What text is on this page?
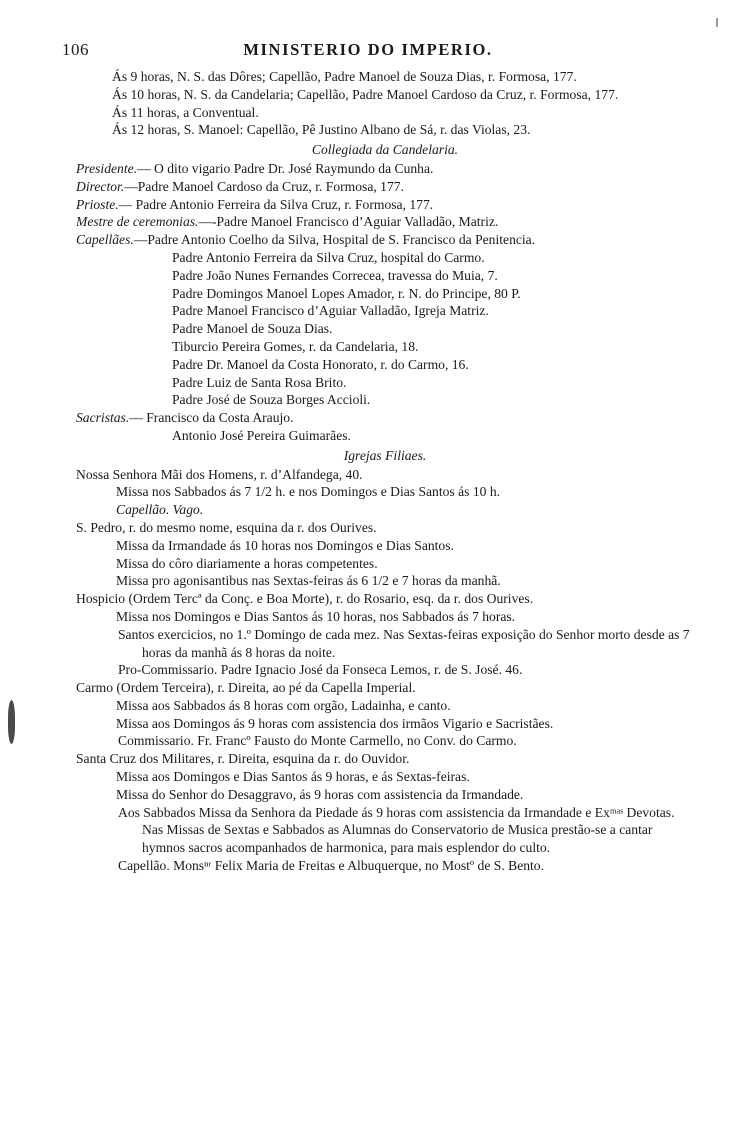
106	MINISTERIO DO IMPERIO.

Ás 9 horas, N. S. das Dôres; Capellão, Padre Manoel de Souza Dias, r. Formosa, 177.

Ás 10 horas, N. S. da Candelaria; Capellão, Padre Manoel Cardoso da Cruz, r. Formosa, 177.

Ás 11 horas, a Conventual.

Ás 12 horas, S. Manoel: Capellão, Pê Justino Albano de Sá, r. das Violas, 23.

Collegiada da Candelaria.

Presidente.— O dito vigario Padre Dr. José Raymundo da Cunha.

Director.—Padre Manoel Cardoso da Cruz, r. Formosa, 177.

Prioste.— Padre Antonio Ferreira da Silva Cruz, r. Formosa, 177.

Mestre de ceremonias.—-Padre Manoel Francisco d’Aguiar Valladão, Matriz.

Capellães.—Padre Antonio Coelho da Silva, Hospital de S. Francisco da Penitencia.

Padre Antonio Ferreira da Silva Cruz, hospital do Carmo.

Padre João Nunes Fernandes Correcea, travessa do Muia, 7.

Padre Domingos Manoel Lopes Amador, r. N. do Principe, 80 P.

Padre Manoel Francisco d’Aguiar Valladão, Igreja Matriz.

Padre Manoel de Souza Dias.

Tiburcio Pereira Gomes, r. da Candelaria, 18.

Padre Dr. Manoel da Costa Honorato, r. do Carmo, 16.

Padre Luiz de Santa Rosa Brito.

Padre José de Souza Borges Accioli.

Sacristas.— Francisco da Costa Araujo.

Antonio José Pereira Guimarães.

Igrejas Filiaes.

Nossa Senhora Mãi dos Homens, r. d’Alfandega, 40.

Missa nos Sabbados ás 7 1/2 h. e nos Domingos e Dias Santos ás 10 h.

Capellão. Vago.

S. Pedro, r. do mesmo nome, esquina da r. dos Ourives.

Missa da Irmandade ás 10 horas nos Domingos e Dias Santos.

Missa do côro diariamente a horas competentes.

Missa pro agonisantibus nas Sextas-feiras ás 6 1/2 e 7 horas da manhã.

Hospicio (Ordem Tercª da Conç. e Boa Morte), r. do Rosario, esq. da r. dos Ourives.

Missa nos Domingos e Dias Santos ás 10 horas, nos Sabbados ás 7 horas.

Santos exercicios, no 1.º Domingo de cada mez. Nas Sextas-feiras exposição do Senhor morto desde as 7 horas da manhã ás 8 horas da noite.

Pro-Commissario. Padre Ignacio José da Fonseca Lemos, r. de S. José. 46.

Carmo (Ordem Terceira), r. Direita, ao pé da Capella Imperial.

Missa aos Sabbados ás 8 horas com orgão, Ladainha, e canto.

Missa aos Domingos ás 9 horas com assistencia dos irmãos Vigario e Sacristães.

Commissario. Fr. Francº Fausto do Monte Carmello, no Conv. do Carmo.

Santa Cruz dos Militares, r. Direita, esquina da r. do Ouvidor.

Missa aos Domingos e Dias Santos ás 9 horas, e ás Sextas-feiras.

Missa do Senhor do Desaggravo, ás 9 horas com assistencia da Irmandade.

Aos Sabbados Missa da Senhora da Piedade ás 9 horas com assistencia da Irmandade e Exᵐᵃˢ Devotas. Nas Missas de Sextas e Sabbados as Alumnas do Conservatorio de Musica prestão-se a cantar hymnos sacros acompanhados de harmonica, para mais esplendor do culto.

Capellão. Monsⁿʳ Felix Maria de Freitas e Albuquerque, no Mostº de S. Bento.
